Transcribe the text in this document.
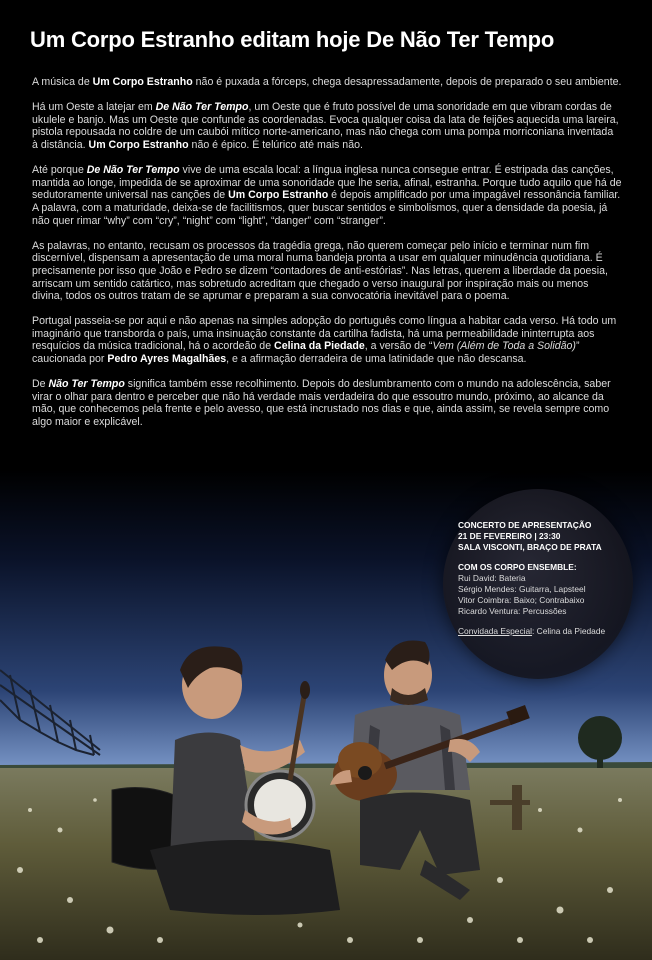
Um Corpo Estranho editam hoje De Não Ter Tempo

A música de Um Corpo Estranho não é puxada a fórceps, chega desapressadamente, depois de preparado o seu ambiente.

Há um Oeste a latejar em De Não Ter Tempo, um Oeste que é fruto possível de uma sonoridade em que vibram cordas de ukulele e banjo. Mas um Oeste que confunde as coordenadas. Evoca qualquer coisa da lata de feijões aquecida uma lareira, pistola repousada no coldre de um caubói mítico norte-americano, mas não chega com uma pompa morriconiana inventada à distância. Um Corpo Estranho não é épico. É telúrico até mais não.

Até porque De Não Ter Tempo vive de uma escala local: a língua inglesa nunca consegue entrar. É estripada das canções, mantida ao longe, impedida de se aproximar de uma sonoridade que lhe seria, afinal, estranha. Porque tudo aquilo que há de sedutoramente universal nas canções de Um Corpo Estranho é depois amplificado por uma impagável ressonância familiar. A palavra, com a maturidade, deixa-se de facilitismos, quer buscar sentidos e simbolismos, quer a densidade da poesia, já não quer rimar “why” com “cry”, “night” com “light”, “danger” com “stranger”.

As palavras, no entanto, recusam os processos da tragédia grega, não querem começar pelo início e terminar num fim discernível, dispensam a apresentação de uma moral numa bandeja pronta a usar em qualquer minudência quotidiana. É precisamente por isso que João e Pedro se dizem “contadores de anti-estórias”. Nas letras, querem a liberdade da poesia, arriscam um sentido catártico, mas sobretudo acreditam que chegado o verso inaugural por inspiração mais ou menos divina, todos os outros tratam de se aprumar e preparam a sua convocatória inevitável para o poema.

Portugal passeia-se por aqui e não apenas na simples adopção do português como língua a habitar cada verso. Há todo um imaginário que transborda o país, uma insinuação constante da cartilha fadista, há uma permeabilidade ininterrupta aos resquícios da música tradicional, há o acordeão de Celina da Piedade, a versão de “Vem (Além de Toda a Solidão)” caucionada por Pedro Ayres Magalhães, e a afirmação derradeira de uma latinidade que não descansa.

De Não Ter Tempo significa também esse recolhimento. Depois do deslumbramento com o mundo na adolescência, saber virar o olhar para dentro e perceber que não há verdade mais verdadeira do que essoutro mundo, próximo, ao alcance da mão, que conhecemos pela frente e pelo avesso, que está incrustado nos dias e que, ainda assim, se revela sempre como algo maior e explicável.

CONCERTO DE APRESENTAÇÃO
21 DE FEVEREIRO | 23:30
SALA VISCONTI, BRAÇO DE PRATA
COM OS CORPO ENSEMBLE:
Rui David: Bateria
Sérgio Mendes: Guitarra, Lapsteel
Vitor Coimbra: Baixo; Contrabaixo
Ricardo Ventura: Percussões
Convidada Especial: Celina da Piedade
